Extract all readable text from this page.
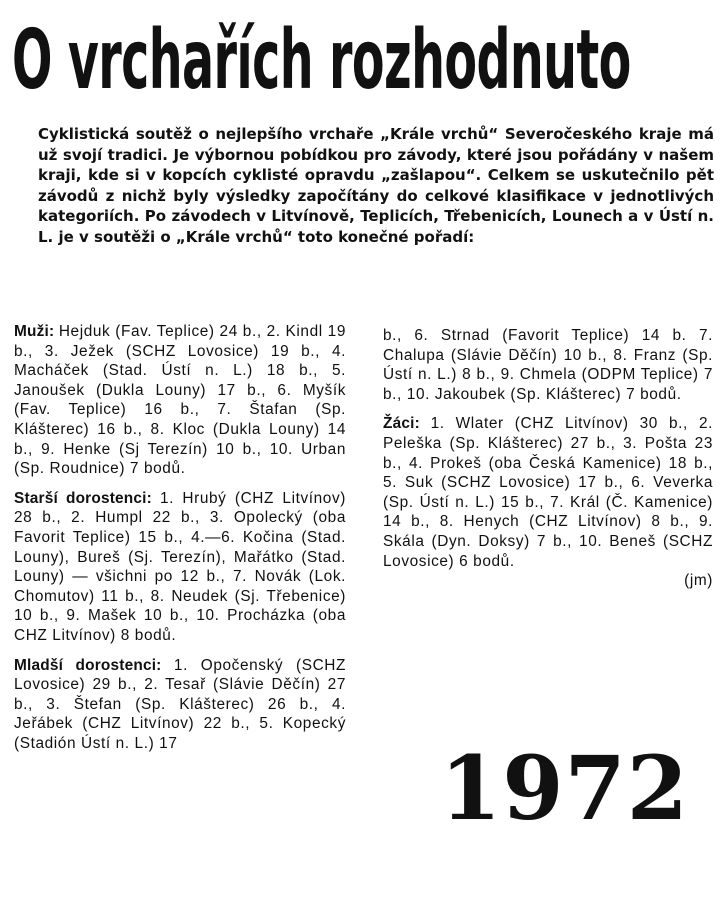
O vrchařích rozhodnuto

Cyklistická soutěž o nejlepšího vrchaře „Krále vrchů“ Severočeského kraje má už svojí tradici. Je výbornou pobídkou pro závody, které jsou pořádány v našem kraji, kde si v kopcích cyklisté opravdu „zašlapou“. Celkem se uskutečnilo pět závodů z nichž byly výsledky započítány do celkové klasifikace v jednotlivých kategoriích. Po závodech v Litvínově, Teplicích, Třebenicích, Lounech a v Ústí n. L. je v soutěži o „Krále vrchů“ toto konečné pořadí:

Muži: Hejduk (Fav. Teplice) 24 b., 2. Kindl 19 b., 3. Ježek (SCHZ Lovosice) 19 b., 4. Macháček (Stad. Ústí n. L.) 18 b., 5. Janoušek (Dukla Louny) 17 b., 6. Myšík (Fav. Teplice) 16 b., 7. Štafan (Sp. Klášterec) 16 b., 8. Kloc (Dukla Louny) 14 b., 9. Henke (Sj Terezín) 10 b., 10. Urban (Sp. Roudnice) 7 bodů.

Starší dorostenci: 1. Hrubý (CHZ Litvínov) 28 b., 2. Humpl 22 b., 3. Opolecký (oba Favorit Teplice) 15 b., 4.—6. Kočina (Stad. Louny), Bureš (Sj. Terezín), Mařátko (Stad. Louny) — všichni po 12 b., 7. Novák (Lok. Chomutov) 11 b., 8. Neudek (Sj. Třebenice) 10 b., 9. Mašek 10 b., 10. Procházka (oba CHZ Litvínov) 8 bodů.

Mladší dorostenci: 1. Opočenský (SCHZ Lovosice) 29 b., 2. Tesař (Slávie Děčín) 27 b., 3. Štefan (Sp. Klášterec) 26 b., 4. Jeřábek (CHZ Litvínov) 22 b., 5. Kopecký (Stadión Ústí n. L.) 17

b., 6. Strnad (Favorit Teplice) 14 b. 7. Chalupa (Slávie Děčín) 10 b., 8. Franz (Sp. Ústí n. L.) 8 b., 9. Chmela (ODPM Teplice) 7 b., 10. Jakoubek (Sp. Klášterec) 7 bodů.

Žáci: 1. Wlater (CHZ Litvínov) 30 b., 2. Peleška (Sp. Klášterec) 27 b., 3. Pošta 23 b., 4. Prokeš (oba Česká Kamenice) 18 b., 5. Suk (SCHZ Lovosice) 17 b., 6. Veverka (Sp. Ústí n. L.) 15 b., 7. Král (Č. Kamenice) 14 b., 8. Henych (CHZ Litvínov) 8 b., 9. Skála (Dyn. Doksy) 7 b., 10. Beneš (SCHZ Lovosice) 6 bodů.

(jm)

1972
